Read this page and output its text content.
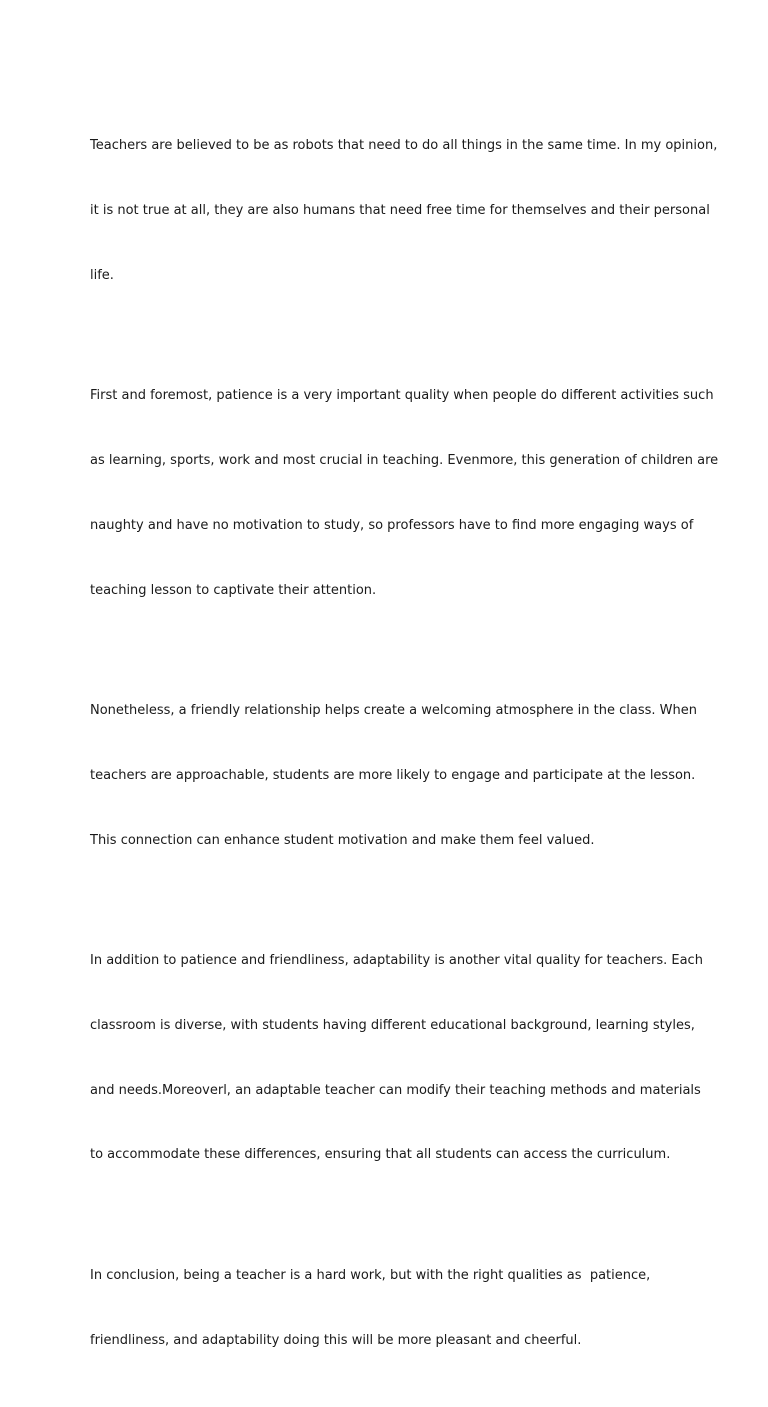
Teachers are believed to be as robots that need to do all things in the same time. In my opinion,

it is not true at all, they are also humans that need free time for themselves and their personal

life.

First and foremost, patience is a very important quality when people do different activities such

as learning, sports, work and most crucial in teaching. Evenmore, this generation of children are

naughty and have no motivation to study, so professors have to find more engaging ways of

teaching lesson to captivate their attention.

Nonetheless, a friendly relationship helps create a welcoming atmosphere in the class. When

teachers are approachable, students are more likely to engage and participate at the lesson.

This connection can enhance student motivation and make them feel valued.

In addition to patience and friendliness, adaptability is another vital quality for teachers. Each

classroom is diverse, with students having different educational background, learning styles,

and needs.Moreoverl, an adaptable teacher can modify their teaching methods and materials

to accommodate these differences, ensuring that all students can access the curriculum.

In conclusion, being a teacher is a hard work, but with the right qualities as  patience,

friendliness, and adaptability doing this will be more pleasant and cheerful.
